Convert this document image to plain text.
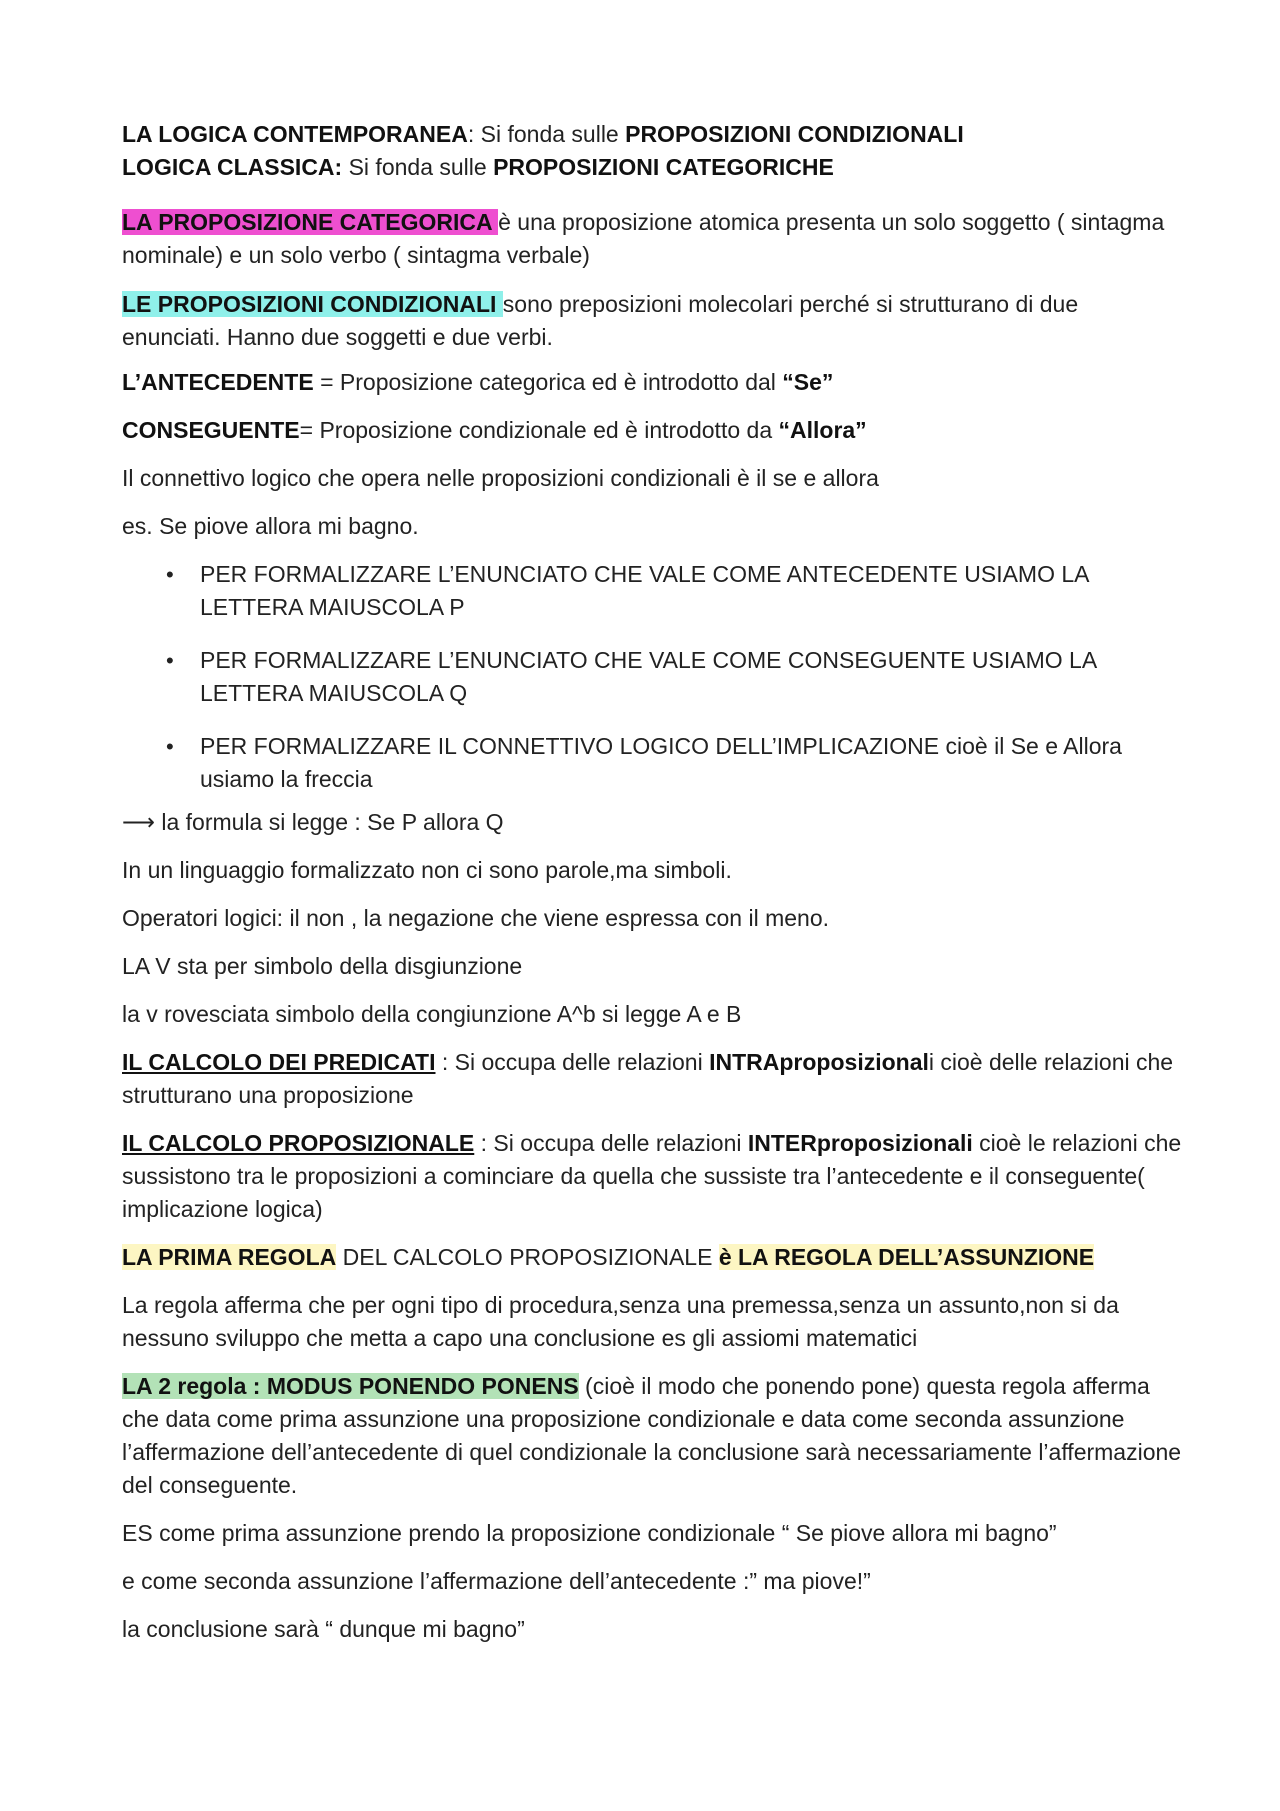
LA LOGICA CONTEMPORANEA: Si fonda sulle PROPOSIZIONI CONDIZIONALI
LOGICA CLASSICA: Si fonda sulle PROPOSIZIONI CATEGORICHE

LA PROPOSIZIONE CATEGORICA è una proposizione atomica presenta un solo soggetto ( sintagma nominale) e un solo verbo ( sintagma verbale)

LE PROPOSIZIONI CONDIZIONALI sono preposizioni molecolari perché si strutturano di due enunciati. Hanno due soggetti e due verbi.

L’ANTECEDENTE = Proposizione categorica ed è introdotto dal “Se”

CONSEGUENTE= Proposizione condizionale ed è introdotto da “Allora”

Il connettivo logico che opera nelle proposizioni condizionali è il se e allora

es. Se piove allora mi bagno.

• PER FORMALIZZARE L’ENUNCIATO CHE VALE COME ANTECEDENTE USIAMO LA LETTERA MAIUSCOLA P
• PER FORMALIZZARE L’ENUNCIATO CHE VALE COME CONSEGUENTE USIAMO LA LETTERA MAIUSCOLA Q
• PER FORMALIZZARE IL CONNETTIVO LOGICO DELL’IMPLICAZIONE cioè il Se e Allora usiamo la freccia

⟶ la formula si legge : Se P allora Q

In un linguaggio formalizzato non ci sono parole,ma simboli.

Operatori logici: il non , la negazione che viene espressa con il meno.

LA V sta per simbolo della disgiunzione

la v rovesciata simbolo della congiunzione A^b si legge A e B

IL CALCOLO DEI PREDICATI : Si occupa delle relazioni INTRAproposizionali cioè delle relazioni che strutturano una proposizione

IL CALCOLO PROPOSIZIONALE : Si occupa delle relazioni INTERproposizionali cioè le relazioni che sussistono tra le proposizioni a cominciare da quella che sussiste tra l’antecedente e il conseguente( implicazione logica)

LA PRIMA REGOLA DEL CALCOLO PROPOSIZIONALE è LA REGOLA DELL’ASSUNZIONE

La regola afferma che per ogni tipo di procedura,senza una premessa,senza un assunto,non si da nessuno sviluppo che metta a capo una conclusione es gli assiomi matematici

LA 2 regola : MODUS PONENDO PONENS (cioè il modo che ponendo pone) questa regola afferma che data come prima assunzione una proposizione condizionale e data come seconda assunzione l’affermazione dell’antecedente di quel condizionale la conclusione sarà necessariamente l’affermazione del conseguente.

ES come prima assunzione prendo la proposizione condizionale “ Se piove allora mi bagno”

e come seconda assunzione l’affermazione dell’antecedente :” ma piove!”

la conclusione sarà “ dunque mi bagno”
